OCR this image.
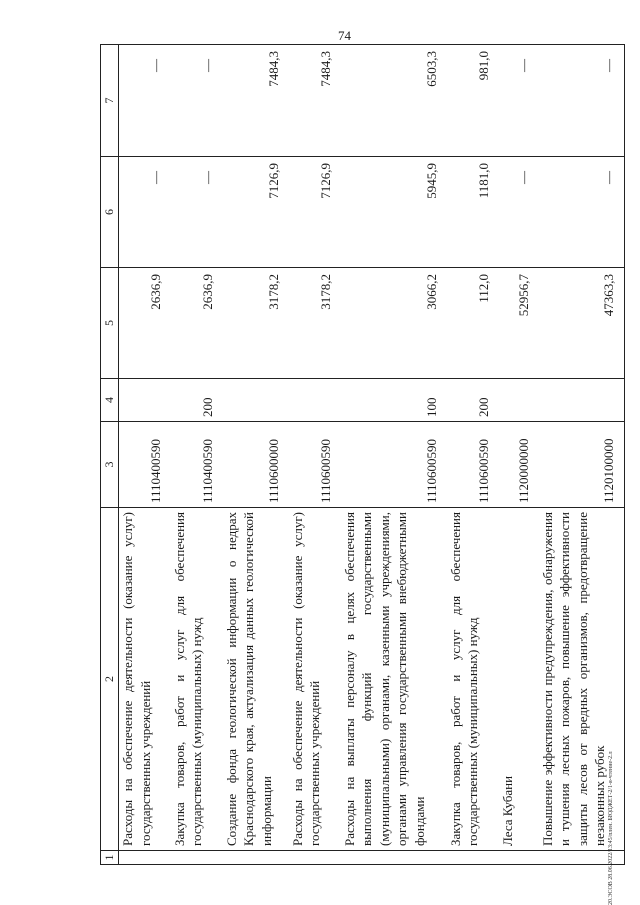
74
20.ЭСОВ 28.06.2022/13:45/плен. БЮДЖЕТ-2/1-я-чтение-2.л
1	2	3	4	5	6	7
	Расходы на обеспечение деятельности (оказание услуг) государственных учреждений	1110400590		2636,9	—	—
	Закупка товаров, работ и услуг для обеспечения государственных (муниципальных) нужд	1110400590	200	2636,9	—	—
	Создание фонда геологической информации о недрах Краснодарского края, актуализация данных геологической информации	1110600000		3178,2	7126,9	7484,3
	Расходы на обеспечение деятельности (оказание услуг) государственных учреждений	1110600590		3178,2	7126,9	7484,3
	Расходы на выплаты персоналу в целях обеспечения выполнения функций государственными (муниципальными) органами, казенными учреждениями, органами управления государственными внебюджетными фондами	1110600590	100	3066,2	5945,9	6503,3
	Закупка товаров, работ и услуг для обеспечения государственных (муниципальных) нужд	1110600590	200	112,0	1181,0	981,0
	Леса Кубани	1120000000		52956,7	—	—
	Повышение эффективности предупреждения, обнаружения и тушения лесных пожаров, повышение эффективности защиты лесов от вредных организмов, предотвращение незаконных рубок	1120100000		47363,3	—	—
